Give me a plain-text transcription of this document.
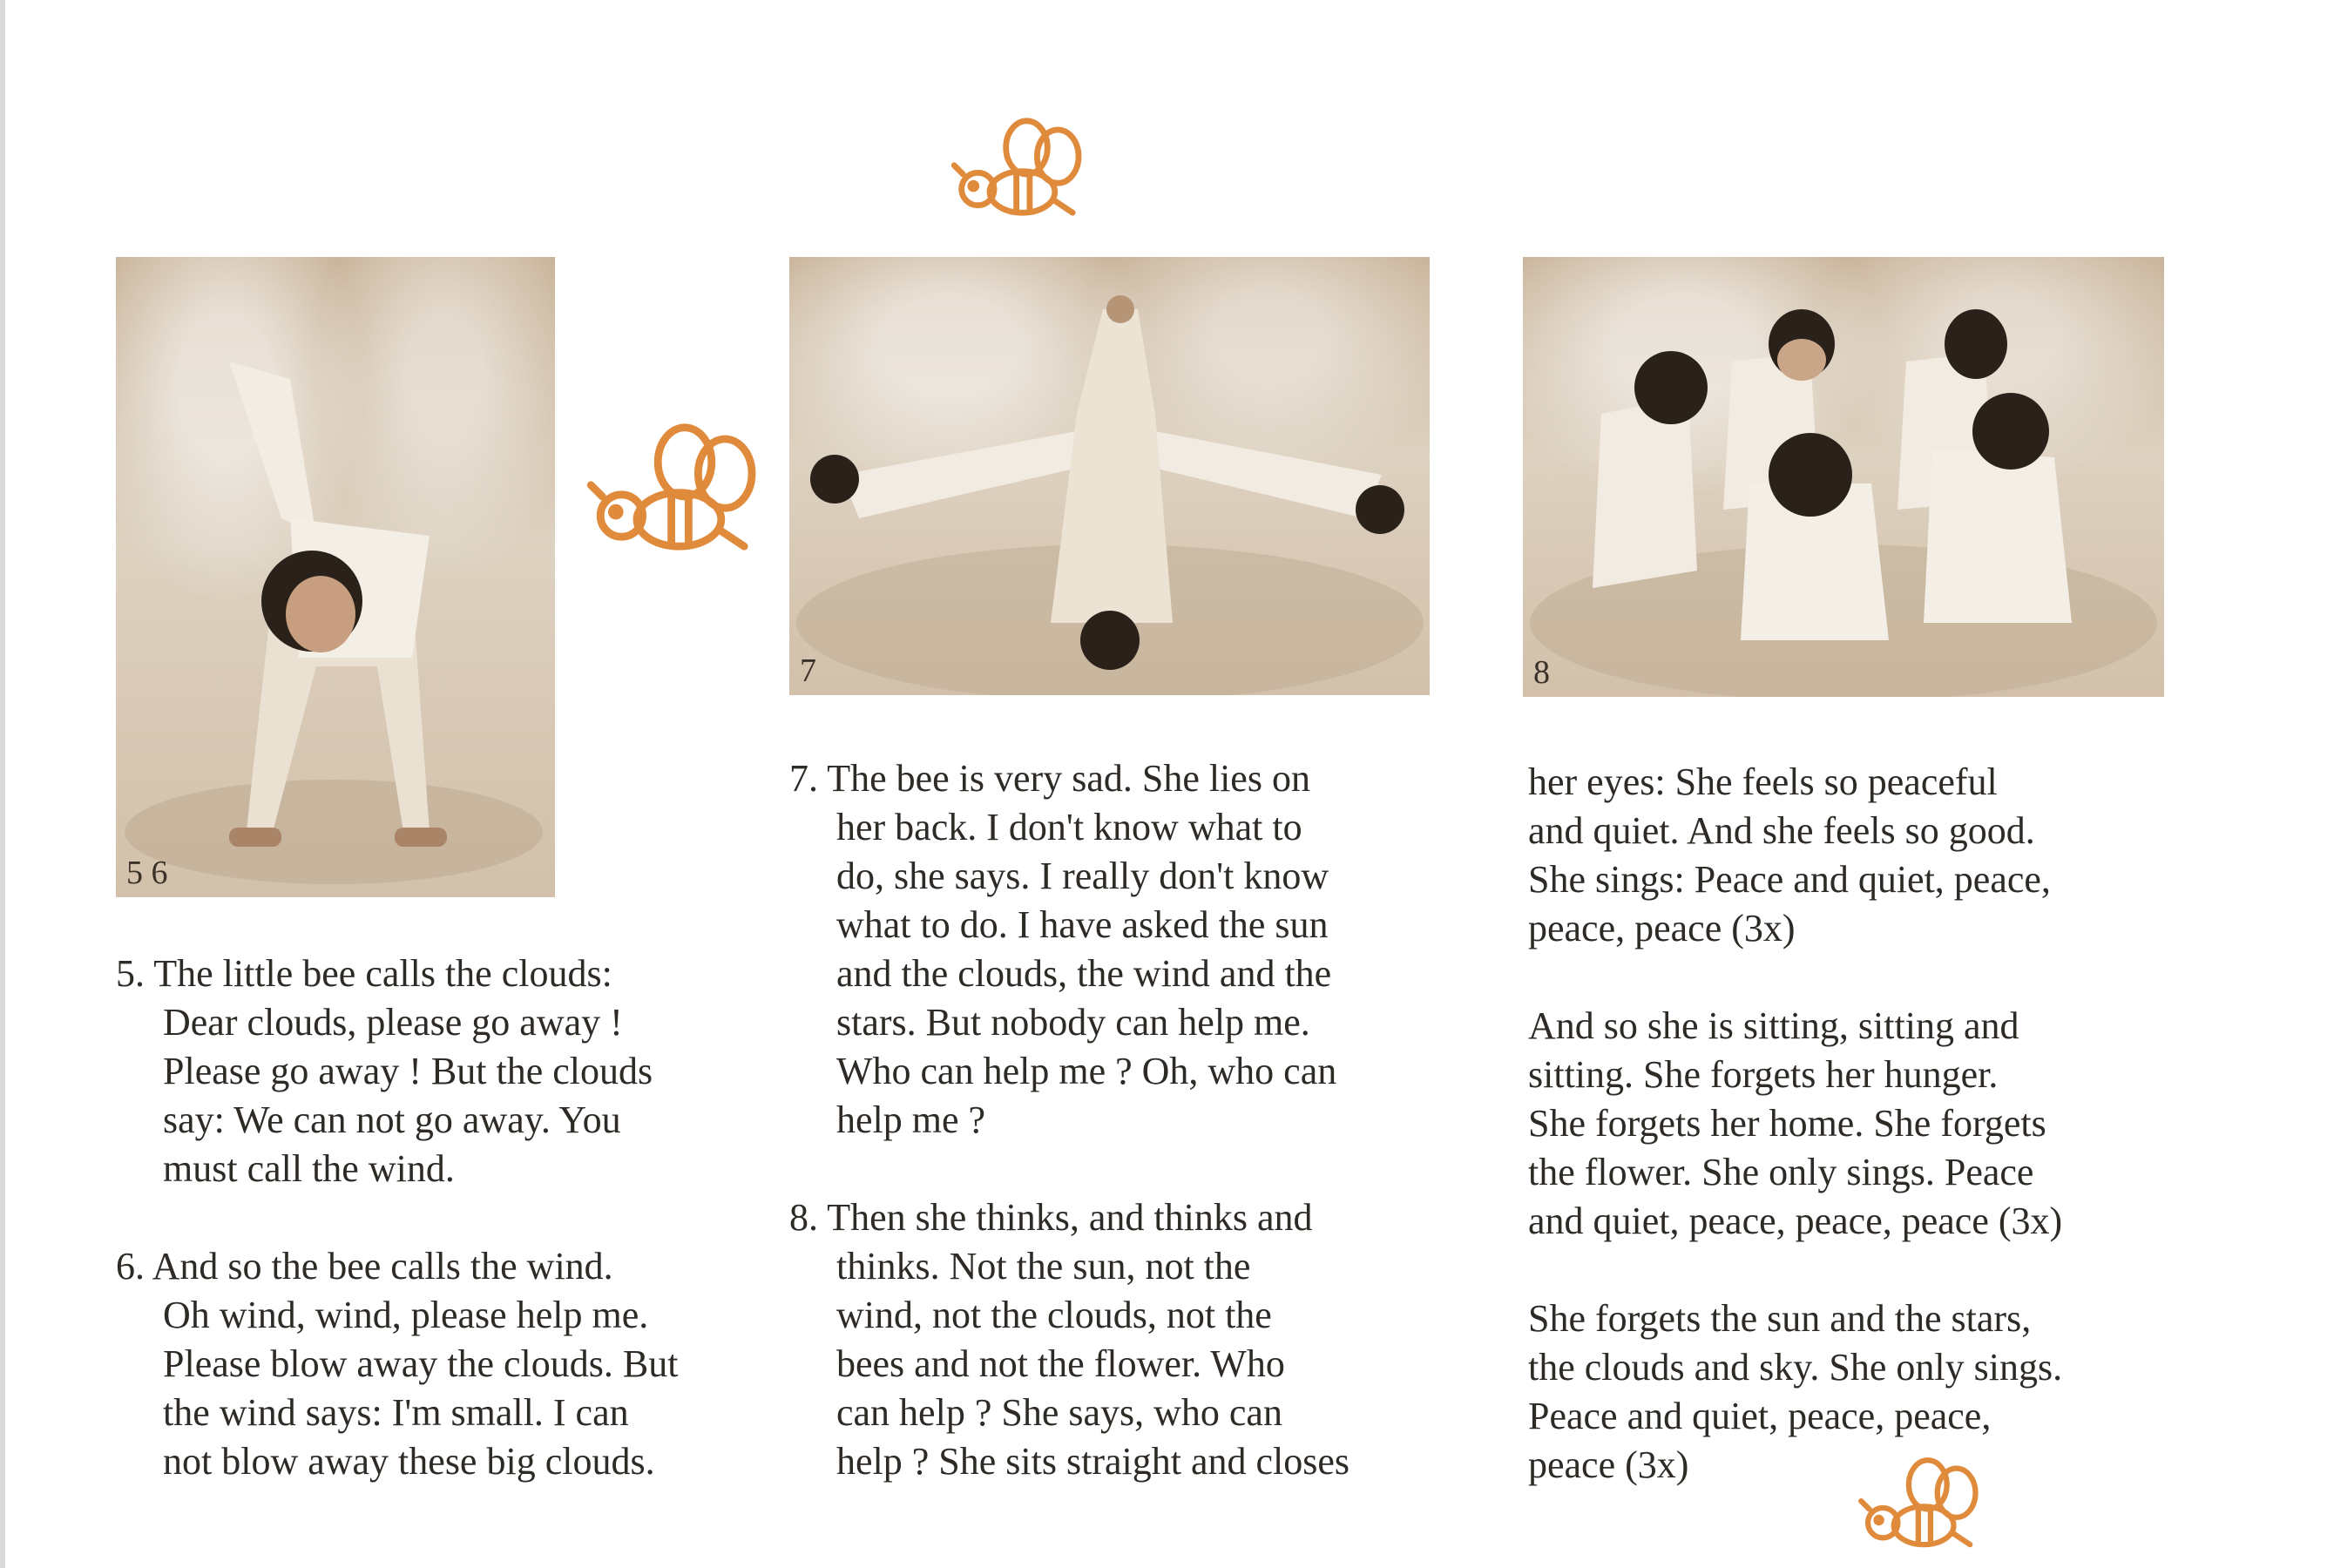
5 6
7	8

5. The little bee calls the clouds:
Dear clouds, please go away !
Please go away ! But the clouds
say: We can not go away. You
must call the wind.

6. And so the bee calls the wind.
Oh wind, wind, please help me.
Please blow away the clouds. But
the wind says: I'm small. I can
not blow away these big clouds.

7. The bee is very sad. She lies on
her back. I don't know what to
do, she says. I really don't know
what to do. I have asked the sun
and the clouds, the wind and the
stars. But nobody can help me.
Who can help me ? Oh, who can
help me ?

8. Then she thinks, and thinks and
thinks. Not the sun, not the
wind, not the clouds, not the
bees and not the flower. Who
can help ? She says, who can
help ? She sits straight and closes

her eyes: She feels so peaceful
and quiet. And she feels so good.
She sings: Peace and quiet, peace,
peace, peace (3x)

And so she is sitting, sitting and
sitting. She forgets her hunger.
She forgets her home. She forgets
the flower. She only sings. Peace
and quiet, peace, peace, peace (3x)

She forgets the sun and the stars,
the clouds and sky. She only sings.
Peace and quiet, peace, peace,
peace (3x)
